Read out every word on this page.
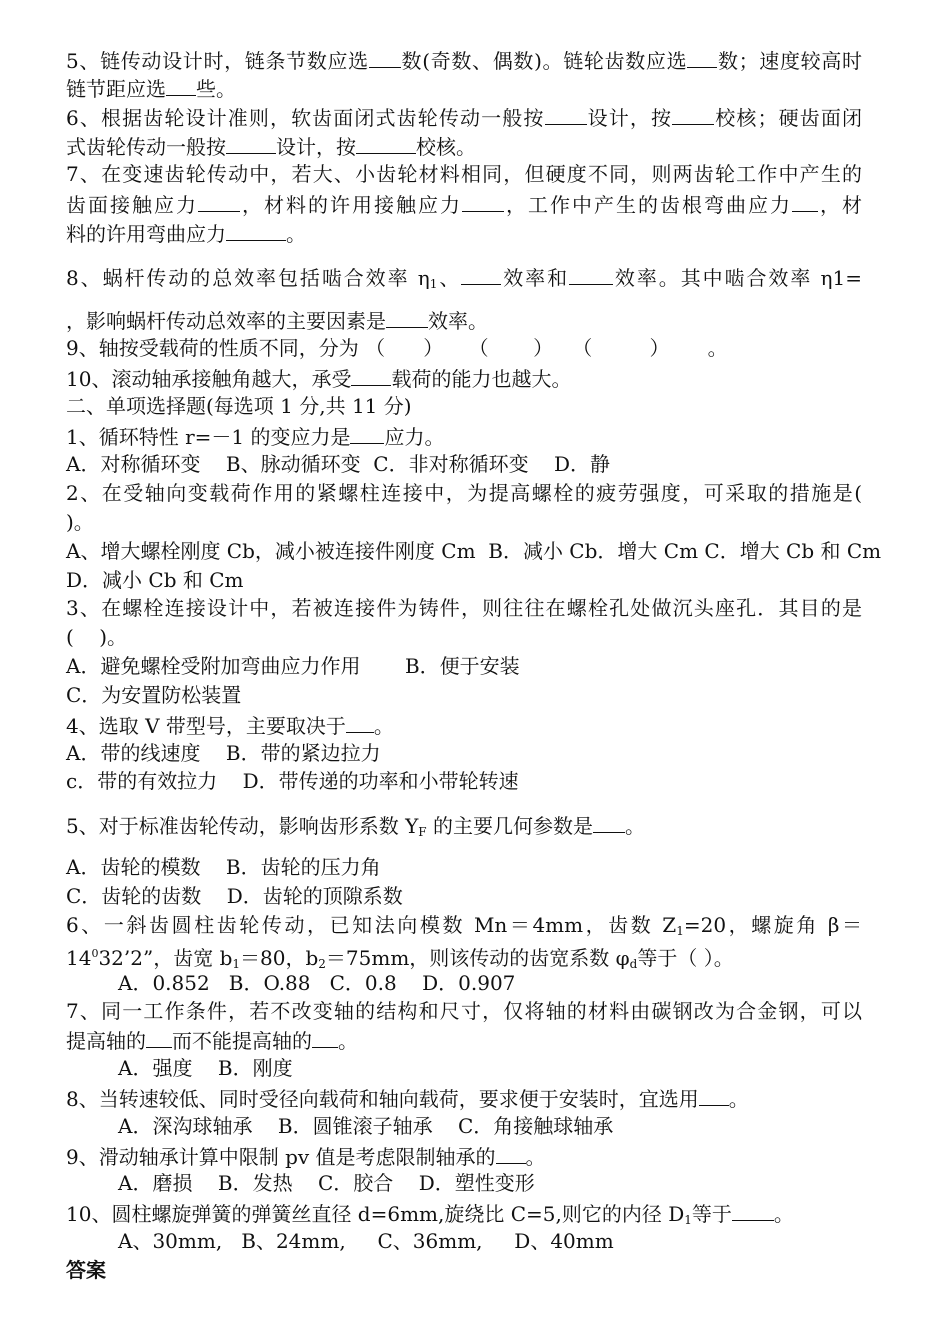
5、链传动设计时，链条节数应选 数(奇数、偶数)。链轮齿数应选 数；速度较高时
链节距应选 些。
6、根据齿轮设计准则，软齿面闭式齿轮传动一般按 设计，按 校核；硬齿面闭
式齿轮传动一般按	设计，按	校核。
7、在变速齿轮传动中，若大、小齿轮材料相同，但硬度不同，则两齿轮工作中产生的
齿面接触应力 ，材料的许用接触应力 ，工作中产生的齿根弯曲应力 ，材
料的许用弯曲应力	。
8、蜗杆传动的总效率包括啮合效率 $\eta_1$、 效率和 效率。其中啮合效率 η1=
，影响蜗杆传动总效率的主要因素是 效率。
9、轴按受载荷的性质不同，分为 （      ）    （       ）   （         ）      。
10、滚动轴承接触角越大，承受 载荷的能力也越大。
二、单项选择题(每选项 1 分,共 11 分)
1、循环特性 r=－1 的变应力是 应力。
A．对称循环变    B、脉动循环变  C．非对称循环变    D．静
2、在受轴向变载荷作用的紧螺柱连接中，为提高螺栓的疲劳强度，可采取的措施是(
)。
A、增大螺栓刚度 Cb，减小被连接件刚度 Cm  B．减小 Cb．增大 Cm C．增大 Cb 和 Cm
D．减小 Cb 和 Cm
3、在螺栓连接设计中，若被连接件为铸件，则往往在螺栓孔处做沉头座孔．其目的是
(    )。
A．避免螺栓受附加弯曲应力作用       B．便于安装
C．为安置防松装置
4、选取 V 带型号，主要取决于 。
A．带的线速度    B．带的紧边拉力
c．带的有效拉力    D．带传递的功率和小带轮转速
5、对于标准齿轮传动，影响齿形系数 $Y_F$ 的主要几何参数是 。
A．齿轮的模数    B．齿轮的压力角
C．齿轮的齿数    D．齿轮的顶隙系数
6、一斜齿圆柱齿轮传动，已知法向模数 Mn＝4mm，齿数 $Z_1=20$，螺旋角 β＝
$14^032’2$”，齿宽 $b_1=80$，$b_2=75mm$，则该传动的齿宽系数 $\varphi_d$等于（ ）。
A．0.852   B．O.88   C．0.8    D．0.907
7、同一工作条件，若不改变轴的结构和尺寸，仅将轴的材料由碳钢改为合金钢，可以
提高轴的 而不能提高轴的 。
A．强度    B．刚度
8、当转速较低、同时受径向载荷和轴向载荷，要求便于安装时，宜选用 。
A．深沟球轴承    B．圆锥滚子轴承    C．角接触球轴承
9、滑动轴承计算中限制 pv 值是考虑限制轴承的 。
A．磨损    B．发热    C．胶合    D．塑性变形
10、圆柱螺旋弹簧的弹簧丝直径 d=6mm,旋绕比 C=5,则它的内径 $D_1$等于 。
A、30mm,   B、24mm,     C、36mm,     D、40mm
答案
